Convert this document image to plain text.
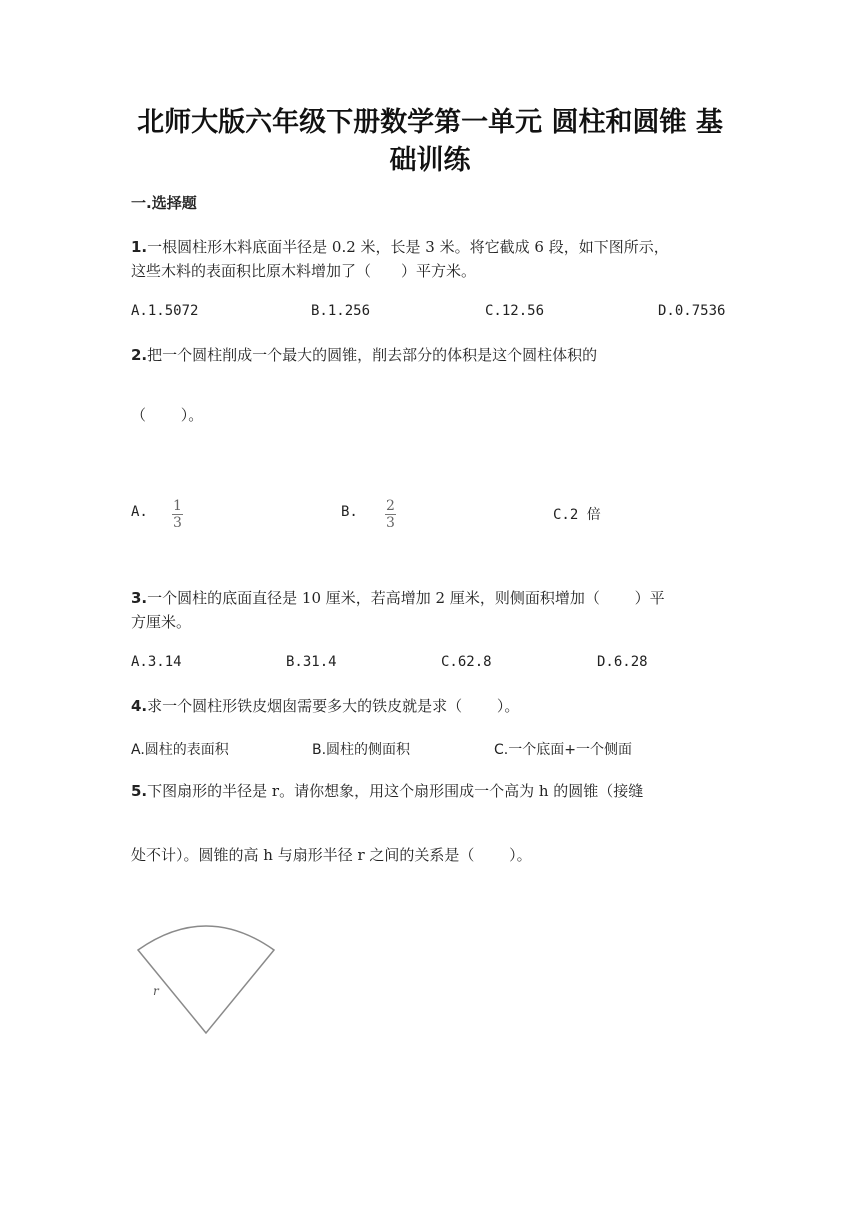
北师大版六年级下册数学第一单元 圆柱和圆锥 基
础训练
一.选择题
1.一根圆柱形木料底面半径是 0.2 米，长是 3 米。将它截成 6 段，如下图所示，
这些木料的表面积比原木料增加了（　　）平方米。
A.1.5072	B.1.256	C.12.56	D.0.7536
2.把一个圆柱削成一个最大的圆锥，削去部分的体积是这个圆柱体积的
（　　 ）。
A. $\frac{1}{3}$	B. $\frac{2}{3}$	C.2 倍
3.一个圆柱的底面直径是 10 厘米，若高增加 2 厘米，则侧面积增加（　　 ）平
方厘米。
A.3.14	B.31.4	C.62.8	D.6.28
4.求一个圆柱形铁皮烟囱需要多大的铁皮就是求（　　 ）。
A.圆柱的表面积	B.圆柱的侧面积	C.一个底面+一个侧面
5.下图扇形的半径是 r。请你想象，用这个扇形围成一个高为 h 的圆锥（接缝
处不计）。圆锥的高 h 与扇形半径 r 之间的关系是（　　 ）。
r
